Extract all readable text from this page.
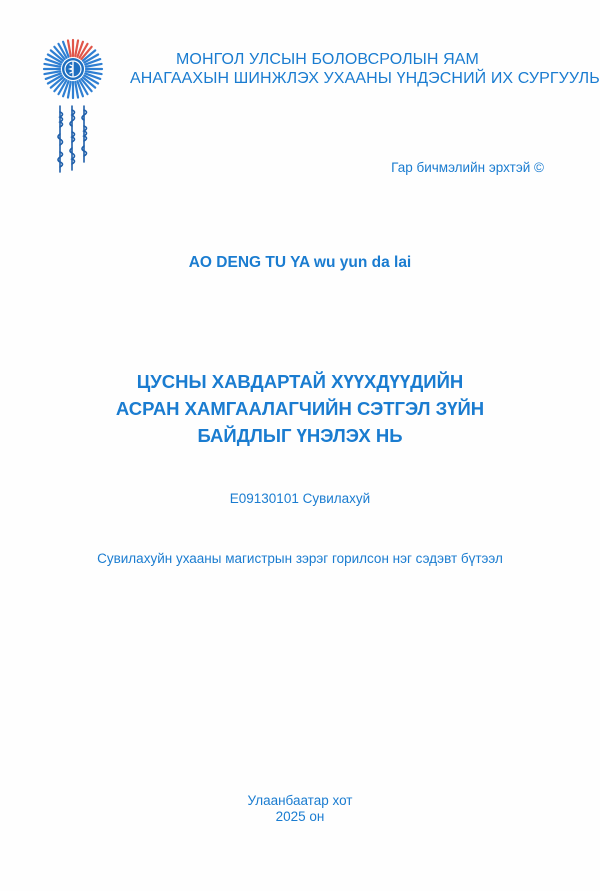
МОНГОЛ УЛСЫН БОЛОВСРОЛЫН ЯАМ
АНАГААХЫН ШИНЖЛЭХ УХААНЫ ҮНДЭСНИЙ ИХ СУРГУУЛЬ
Гар бичмэлийн эрхтэй ©
AO DENG TU YA wu yun da lai
ЦУСНЫ ХАВДАРТАЙ ХҮҮХДҮҮДИЙН
АСРАН ХАМГААЛАГЧИЙН СЭТГЭЛ ЗҮЙН
БАЙДЛЫГ ҮНЭЛЭХ НЬ
E09130101 Сувилахуй
Сувилахуйн ухааны магистрын зэрэг горилсон нэг сэдэвт бүтээл
Улаанбаатар хот
2025 он
